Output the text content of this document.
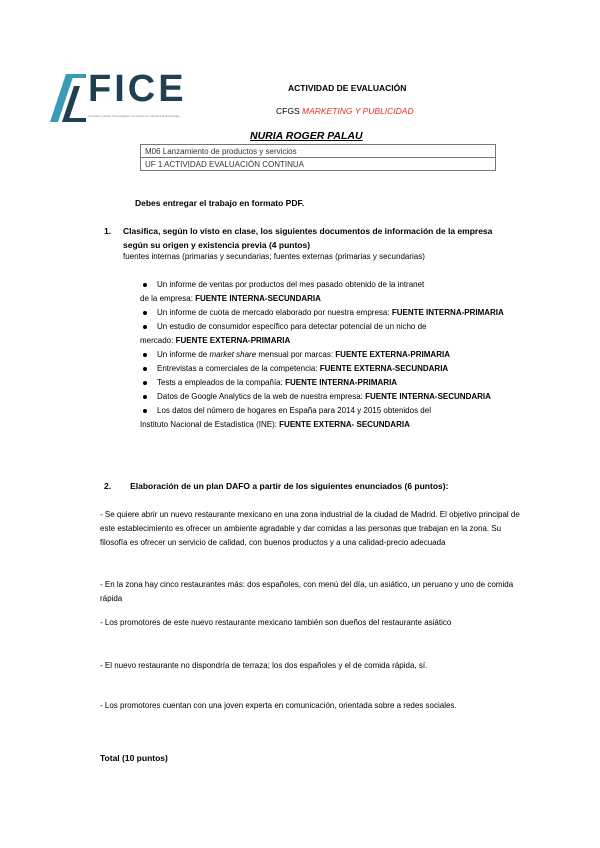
FICE
Fundació privada d'Investigació i Formació en Ciències Empresarials
ACTIVIDAD DE EVALUACIÓN
CFGS MARKETING Y PUBLICIDAD
NURIA ROGER PALAU
M06 Lanzamiento de productos y servicios
UF 1 ACTIVIDAD EVALUACIÓN CONTINUA
Debes entregar el trabajo en formato PDF.
1. Clasifica, según lo visto en clase, los siguientes documentos de información de la empresa según su origen y existencia previa (4 puntos)
fuentes internas (primarias y secundarias; fuentes externas (primarias y secundarias)
Un informe de ventas por productos del mes pasado obtenido de la intranet
de la empresa: FUENTE INTERNA-SECUNDARIA
Un informe de cuota de mercado elaborado por nuestra empresa: FUENTE INTERNA-PRIMARIA
Un estudio de consumidor específico para detectar potencial de un nicho de
mercado: FUENTE EXTERNA-PRIMARIA
Un informe de market share mensual por marcas: FUENTE EXTERNA-PRIMARIA
Entrevistas a comerciales de la competencia: FUENTE EXTERNA-SECUNDARIA
Tests a empleados de la compañía: FUENTE INTERNA-PRIMARIA
Datos de Google Analytics de la web de nuestra empresa: FUENTE INTERNA-SECUNDARIA
Los datos del número de hogares en España para 2014 y 2015 obtenidos del
Instituto Nacional de Estadística (INE): FUENTE EXTERNA- SECUNDARIA
2. Elaboración de un plan DAFO a partir de los siguientes enunciados (6 puntos):
- Se quiere abrir un nuevo restaurante mexicano en una zona industrial de la ciudad de Madrid. El objetivo principal de este establecimiento es ofrecer un ambiente agradable y dar comidas a las personas que trabajan en la zona. Su filosofía es ofrecer un servicio de calidad, con buenos productos y a una calidad-precio adecuada
- En la zona hay cinco restaurantes más: dos españoles, con menú del día, un asiático, un peruano y uno de comida rápida
- Los promotores de este nuevo restaurante mexicano también son dueños del restaurante asiático
- El nuevo restaurante no dispondría de terraza; los dos españoles y el de comida rápida, sí.
- Los promotores cuentan con una joven experta en comunicación, orientada sobre a redes sociales.
Total (10 puntos)
